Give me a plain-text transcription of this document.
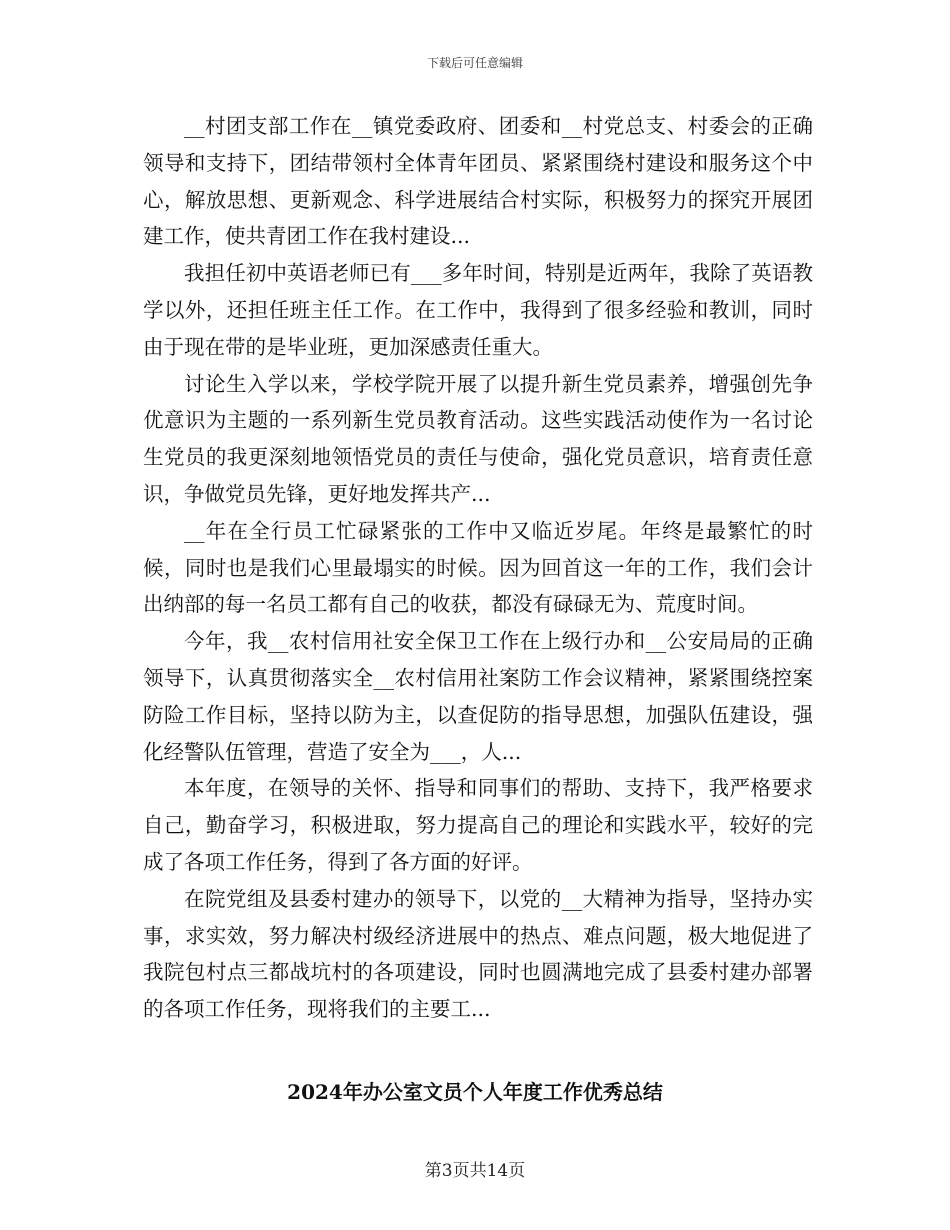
下载后可任意编辑

__村团支部工作在__镇党委政府、团委和__村党总支、村委会的正确领导和支持下，团结带领村全体青年团员、紧紧围绕村建设和服务这个中心，解放思想、更新观念、科学进展结合村实际，积极努力的探究开展团建工作，使共青团工作在我村建设...

我担任初中英语老师已有___多年时间，特别是近两年，我除了英语教学以外，还担任班主任工作。在工作中，我得到了很多经验和教训，同时由于现在带的是毕业班，更加深感责任重大。

讨论生入学以来，学校学院开展了以提升新生党员素养，增强创先争优意识为主题的一系列新生党员教育活动。这些实践活动使作为一名讨论生党员的我更深刻地领悟党员的责任与使命，强化党员意识，培育责任意识，争做党员先锋，更好地发挥共产...

__年在全行员工忙碌紧张的工作中又临近岁尾。年终是最繁忙的时候，同时也是我们心里最塌实的时候。因为回首这一年的工作，我们会计出纳部的每一名员工都有自己的收获，都没有碌碌无为、荒度时间。

今年，我__农村信用社安全保卫工作在上级行办和__公安局局的正确领导下，认真贯彻落实全__农村信用社案防工作会议精神，紧紧围绕控案防险工作目标，坚持以防为主，以查促防的指导思想，加强队伍建设，强化经警队伍管理，营造了安全为___，人...

本年度，在领导的关怀、指导和同事们的帮助、支持下，我严格要求自己，勤奋学习，积极进取，努力提高自己的理论和实践水平，较好的完成了各项工作任务，得到了各方面的好评。

在院党组及县委村建办的领导下，以党的__大精神为指导，坚持办实事，求实效，努力解决村级经济进展中的热点、难点问题，极大地促进了我院包村点三都战坑村的各项建设，同时也圆满地完成了县委村建办部署的各项工作任务，现将我们的主要工...

2024年办公室文员个人年度工作优秀总结
第3页共14页
